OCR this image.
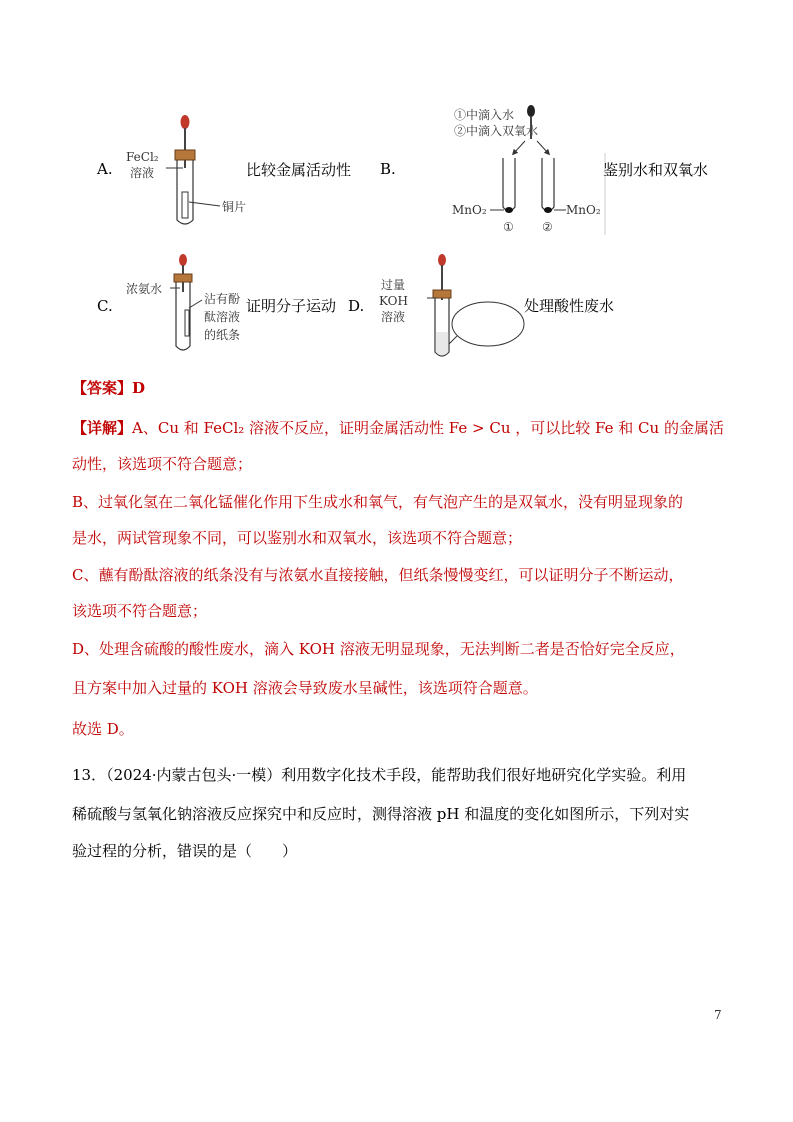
A.
FeCl₂
溶液
铜片
比较金属活动性 B.
①中滴入水
②中滴入双氧水
MnO₂	MnO₂
① ②
鉴别水和双氧水
C.
浓氨水
沾有酚
酞溶液
的纸条
证明分子运动 D.
过量
KOH
溶液
处理酸性废水
【答案】D
【详解】A、Cu 和 FeCl₂ 溶液不反应，证明金属活动性 Fe > Cu ，可以比较 Fe 和 Cu 的金属活
动性，该选项不符合题意；
B、过氧化氢在二氧化锰催化作用下生成水和氧气，有气泡产生的是双氧水，没有明显现象的
是水，两试管现象不同，可以鉴别水和双氧水，该选项不符合题意；
C、蘸有酚酞溶液的纸条没有与浓氨水直接接触，但纸条慢慢变红，可以证明分子不断运动，
该选项不符合题意；
D、处理含硫酸的酸性废水，滴入 KOH 溶液无明显现象，无法判断二者是否恰好完全反应，
且方案中加入过量的 KOH 溶液会导致废水呈碱性，该选项符合题意。
故选 D。
13．（2024·内蒙古包头·一模）利用数字化技术手段，能帮助我们很好地研究化学实验。利用
稀硫酸与氢氧化钠溶液反应探究中和反应时，测得溶液 pH 和温度的变化如图所示，下列对实
验过程的分析，错误的是（　　）
7
